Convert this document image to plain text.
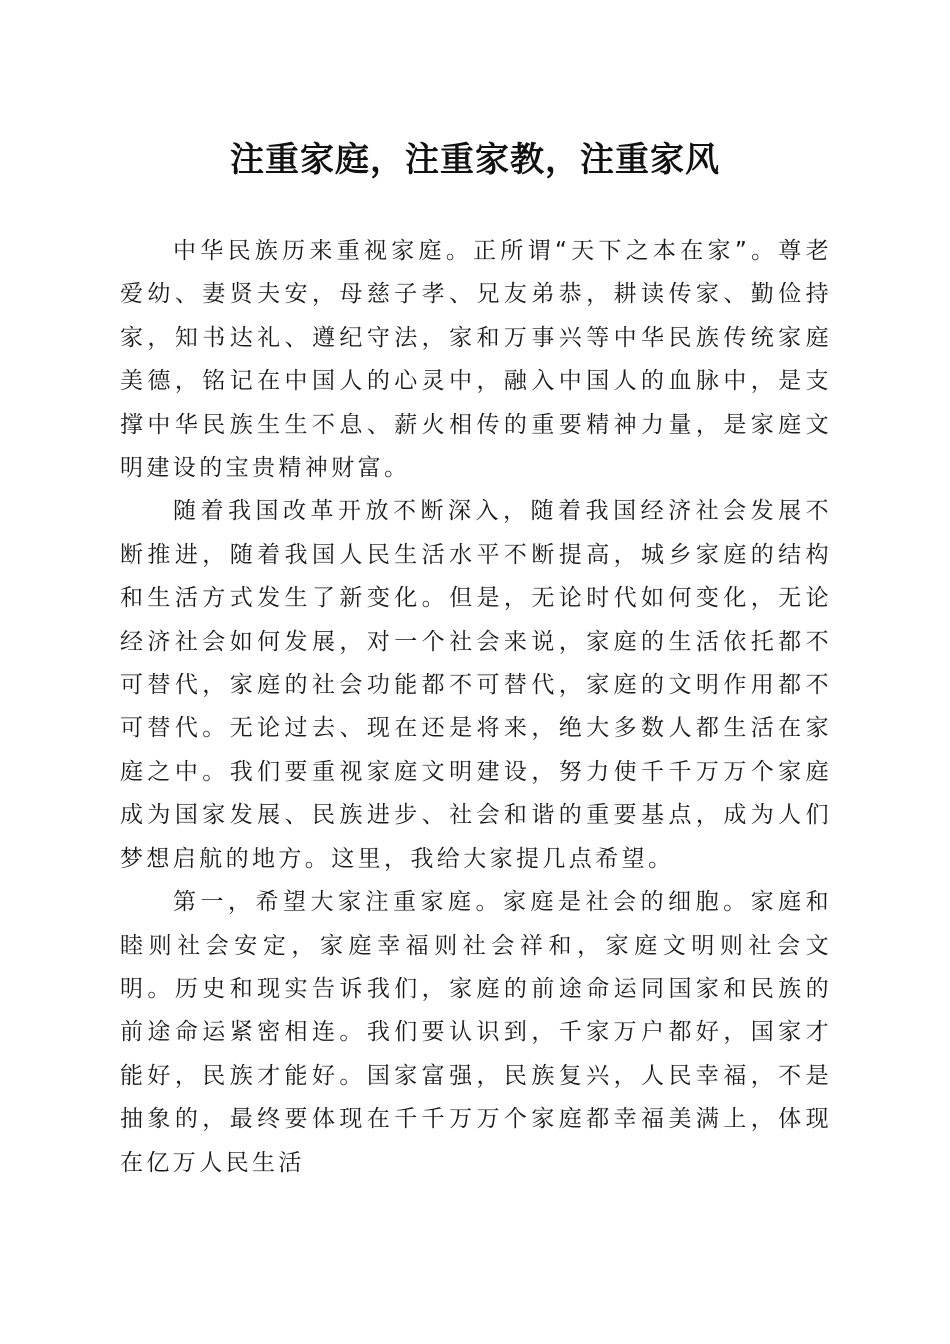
注重家庭，注重家教，注重家风

中华民族历来重视家庭。正所谓“天下之本在家”。尊老爱幼、妻贤夫安，母慈子孝、兄友弟恭，耕读传家、勤俭持家，知书达礼、遵纪守法，家和万事兴等中华民族传统家庭美德，铭记在中国人的心灵中，融入中国人的血脉中，是支撑中华民族生生不息、薪火相传的重要精神力量，是家庭文明建设的宝贵精神财富。

随着我国改革开放不断深入，随着我国经济社会发展不断推进，随着我国人民生活水平不断提高，城乡家庭的结构和生活方式发生了新变化。但是，无论时代如何变化，无论经济社会如何发展，对一个社会来说，家庭的生活依托都不可替代，家庭的社会功能都不可替代，家庭的文明作用都不可替代。无论过去、现在还是将来，绝大多数人都生活在家庭之中。我们要重视家庭文明建设，努力使千千万万个家庭成为国家发展、民族进步、社会和谐的重要基点，成为人们梦想启航的地方。这里，我给大家提几点希望。

第一，希望大家注重家庭。家庭是社会的细胞。家庭和睦则社会安定，家庭幸福则社会祥和，家庭文明则社会文明。历史和现实告诉我们，家庭的前途命运同国家和民族的前途命运紧密相连。我们要认识到，千家万户都好，国家才能好，民族才能好。国家富强，民族复兴，人民幸福，不是抽象的，最终要体现在千千万万个家庭都幸福美满上，体现在亿万人民生活
